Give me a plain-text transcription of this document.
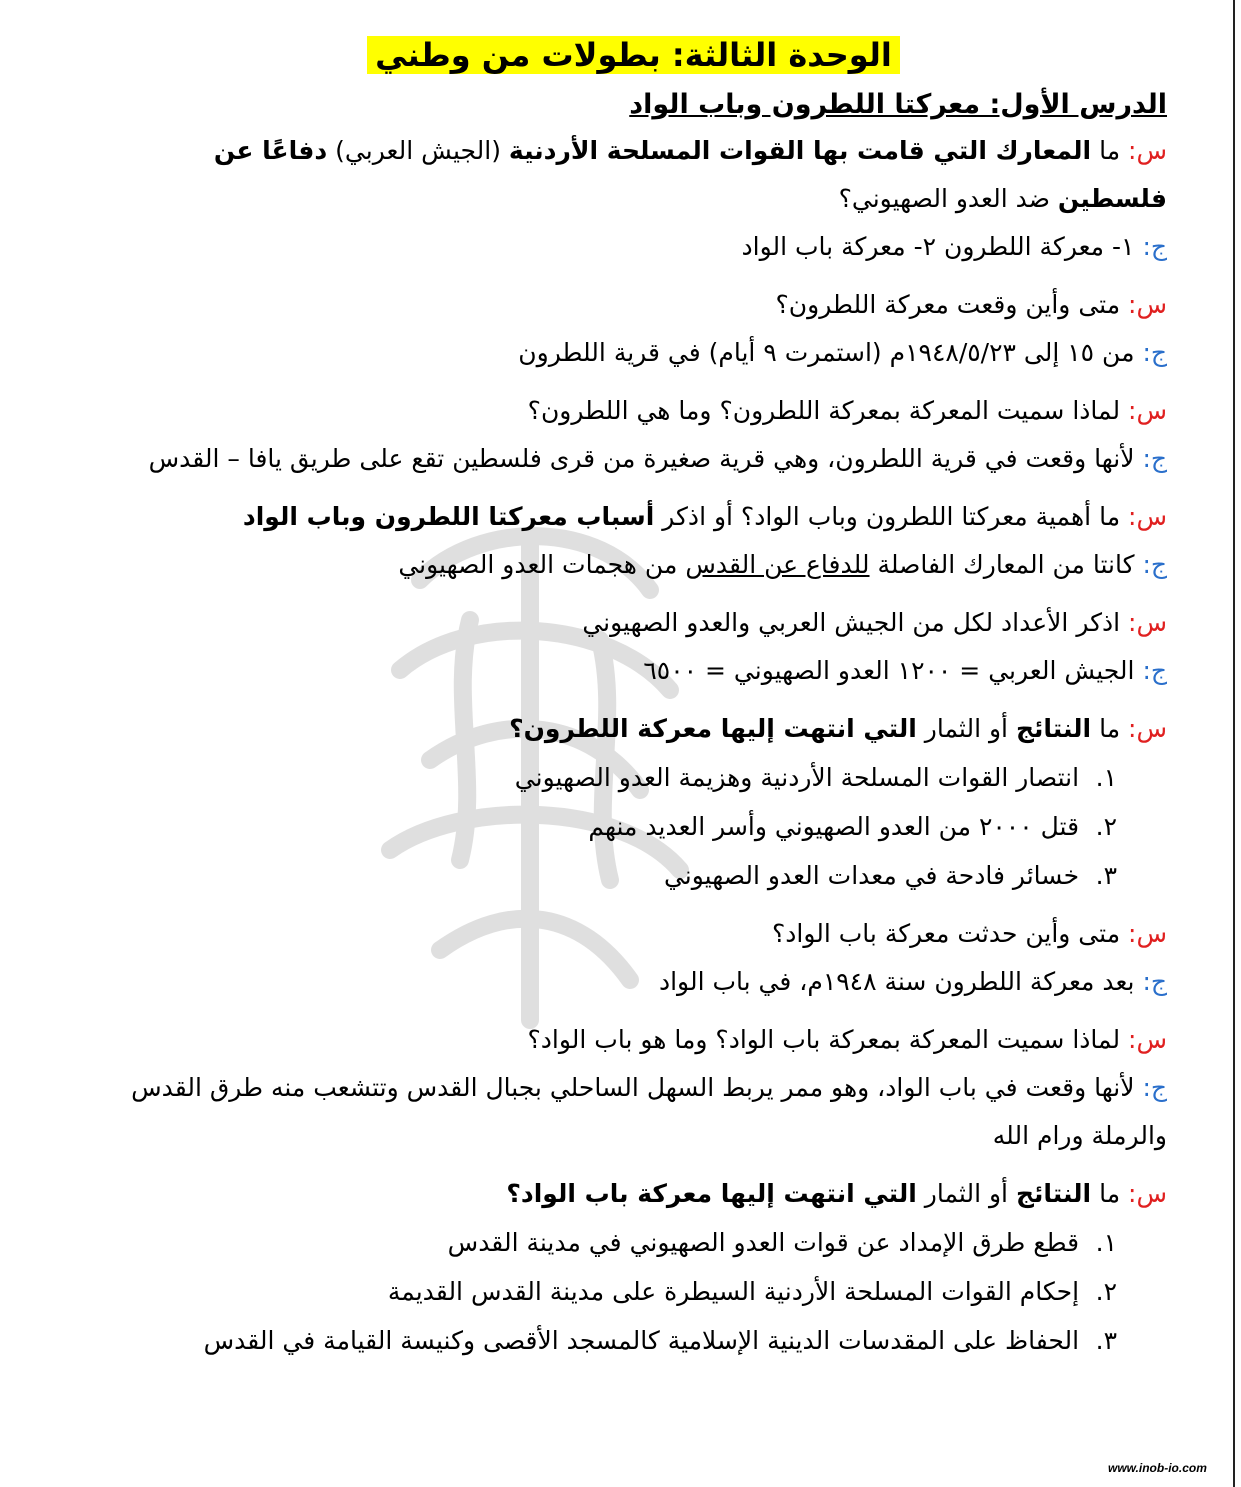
الوحدة الثالثة: بطولات من وطني
الدرس الأول: معركتا اللطرون وباب الواد
س: ما المعارك التي قامت بها القوات المسلحة الأردنية (الجيش العربي) دفاعًا عن فلسطين ضد العدو الصهيوني؟
ج: ١- معركة اللطرون ٢- معركة باب الواد
س: متى وأين وقعت معركة اللطرون؟
ج: من ١٥ إلى ١٩٤٨/٥/٢٣م (استمرت ٩ أيام) في قرية اللطرون
س: لماذا سميت المعركة بمعركة اللطرون؟ وما هي اللطرون؟
ج: لأنها وقعت في قرية اللطرون، وهي قرية صغيرة من قرى فلسطين تقع على طريق يافا – القدس
س: ما أهمية معركتا اللطرون وباب الواد؟ أو اذكر أسباب معركتا اللطرون وباب الواد
ج: كانتا من المعارك الفاصلة للدفاع عن القدس من هجمات العدو الصهيوني
س: اذكر الأعداد لكل من الجيش العربي والعدو الصهيوني
ج: الجيش العربي = ١٢٠٠ العدو الصهيوني = ٦٥٠٠
س: ما النتائج أو الثمار التي انتهت إليها معركة اللطرون؟
١. انتصار القوات المسلحة الأردنية وهزيمة العدو الصهيوني
٢. قتل ٢٠٠٠ من العدو الصهيوني وأسر العديد منهم
٣. خسائر فادحة في معدات العدو الصهيوني
س: متى وأين حدثت معركة باب الواد؟
ج: بعد معركة اللطرون سنة ١٩٤٨م، في باب الواد
س: لماذا سميت المعركة بمعركة باب الواد؟ وما هو باب الواد؟
ج: لأنها وقعت في باب الواد، وهو ممر يربط السهل الساحلي بجبال القدس وتتشعب منه طرق القدس والرملة ورام الله
س: ما النتائج أو الثمار التي انتهت إليها معركة باب الواد؟
١. قطع طرق الإمداد عن قوات العدو الصهيوني في مدينة القدس
٢. إحكام القوات المسلحة الأردنية السيطرة على مدينة القدس القديمة
٣. الحفاظ على المقدسات الدينية الإسلامية كالمسجد الأقصى وكنيسة القيامة في القدس
www.inob-io.com
